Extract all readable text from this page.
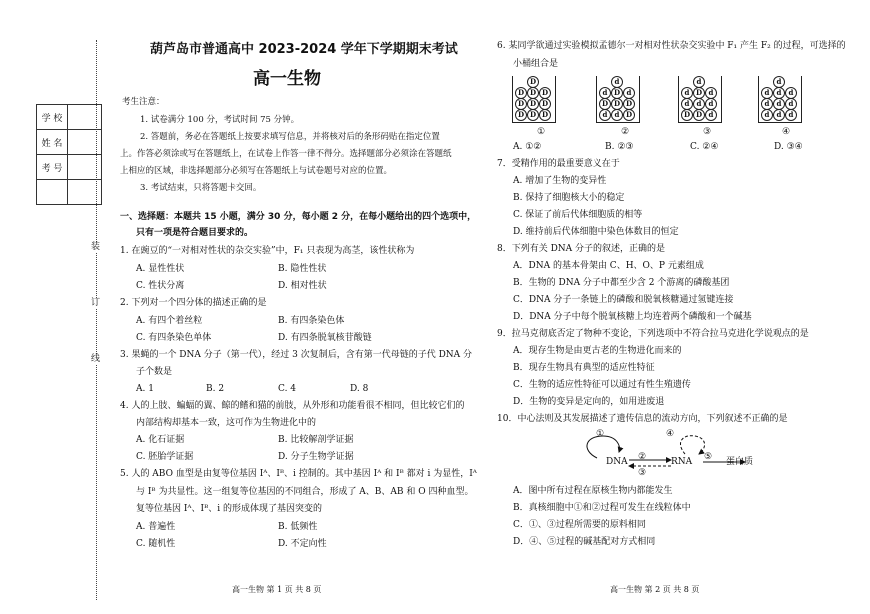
装
订
线
学 校	
姓 名	
考 号	

葫芦岛市普通高中 2023-2024 学年下学期期末考试
高一生物
考生注意：
1. 试卷满分 100 分，考试时间 75 分钟。
2. 答题前，务必在答题纸上按要求填写信息，并将核对后的条形码贴在指定位置
上。作答必须涂或写在答题纸上，在试卷上作答一律不得分。选择题部分必须涂在答题纸
上相应的区域，非选择题部分必须写在答题纸上与试卷题号对应的位置。
3. 考试结束，只将答题卡交回。
一、选择题：本题共 15 小题，满分 30 分，每小题 2 分，在每小题给出的四个选项中，
只有一项是符合题目要求的。
1. 在豌豆的“一对相对性状的杂交实验”中，F₁ 只表现为高茎，该性状称为
A. 显性性状	B. 隐性性状
C. 性状分离	D. 相对性状
2. 下列对一个四分体的描述正确的是
A. 有四个着丝粒	B. 有四条染色体
C. 有四条染色单体	D. 有四条脱氧核苷酸链
3. 果蝇的一个 DNA 分子（第一代），经过 3 次复制后，含有第一代母链的子代 DNA 分
子个数是
A. 1	B. 2	C. 4	D. 8
4. 人的上肢、蝙蝠的翼、鲸的鳍和猫的前肢，从外形和功能看很不相同，但比较它们的
内部结构却基本一致，这可作为生物进化中的
A. 化石证据	B. 比较解剖学证据
C. 胚胎学证据	D. 分子生物学证据
5. 人的 ABO 血型是由复等位基因 Iᴬ、Iᴮ、i 控制的。其中基因 Iᴬ 和 Iᴮ 都对 i 为显性，Iᴬ
与 Iᴮ 为共显性。这一组复等位基因的不同组合，形成了 A、B、AB 和 O 四种血型。
复等位基因 Iᴬ、Iᴮ、i 的形成体现了基因突变的
A. 普遍性	B. 低频性
C. 随机性	D. 不定向性
高一生物 第 1 页 共 8 页
6. 某同学欲通过实验模拟孟德尔一对相对性状杂交实验中 F₁ 产生 F₂ 的过程，可选择的
小桶组合是
D
D D D
D D D
D D D
d
d D d
D D D
d	d D
d
d D d
d	d	d
D D d
d
d	d	d
d	d	d
d	d	d
①	②	③	④
A. ①②	B. ②③	C. ②④	D. ③④
7．受精作用的最重要意义在于
A. 增加了生物的变异性
B. 保持了细胞核大小的稳定
C. 保证了前后代体细胞质的相等
D. 维持前后代体细胞中染色体数目的恒定
8．下列有关 DNA 分子的叙述，正确的是
A．DNA 的基本骨架由 C、H、O、P 元素组成
B．生物的 DNA 分子中都至少含 2 个游离的磷酸基团
C．DNA 分子一条链上的磷酸和脱氧核糖通过氢键连接
D．DNA 分子中每个脱氧核糖上均连着两个磷酸和一个碱基
9．拉马克彻底否定了物种不变论，下列选项中不符合拉马克进化学说观点的是
A．现存生物是由更古老的生物进化而来的
B．现存生物具有典型的适应性特征
C．生物的适应性特征可以通过有性生殖遗传
D．生物的变异是定向的，如用进废退
10．中心法则及其发展描述了遗传信息的流动方向，下列叙述不正确的是
①
DNA ②
③
④
RNA ⑤ 蛋白质
A．图中所有过程在原核生物内都能发生
B．真核细胞中①和②过程可发生在线粒体中
C．①、③过程所需要的原料相同
D．④、⑤过程的碱基配对方式相同
高一生物 第 2 页 共 8 页
